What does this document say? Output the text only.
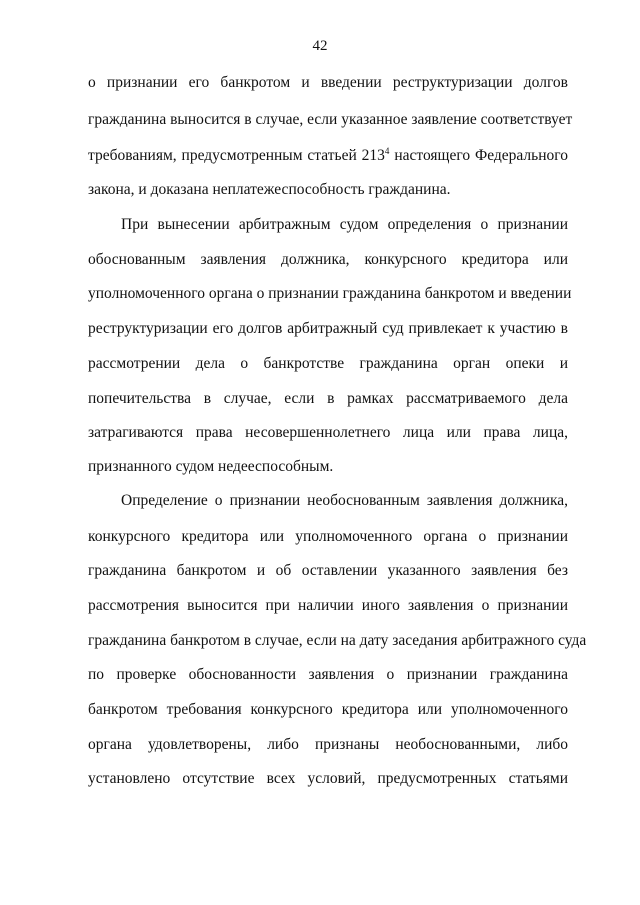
42
о признании его банкротом и введении реструктуризации долгов
гражданина выносится в случае, если указанное заявление соответствует
требованиям, предусмотренным статьей $213^4$ настоящего Федерального
закона, и доказана неплатежеспособность гражданина.
При вынесении арбитражным судом определения о признании
обоснованным заявления должника, конкурсного кредитора или
уполномоченного органа о признании гражданина банкротом и введении
реструктуризации его долгов арбитражный суд привлекает к участию в
рассмотрении дела о банкротстве гражданина орган опеки и
попечительства в случае, если в рамках рассматриваемого дела
затрагиваются права несовершеннолетнего лица или права лица,
признанного судом недееспособным.
Определение о признании необоснованным заявления должника,
конкурсного кредитора или уполномоченного органа о признании
гражданина банкротом и об оставлении указанного заявления без
рассмотрения выносится при наличии иного заявления о признании
гражданина банкротом в случае, если на дату заседания арбитражного суда
по проверке обоснованности заявления о признании гражданина
банкротом требования конкурсного кредитора или уполномоченного
органа удовлетворены, либо признаны необоснованными, либо
установлено отсутствие всех условий, предусмотренных статьями
